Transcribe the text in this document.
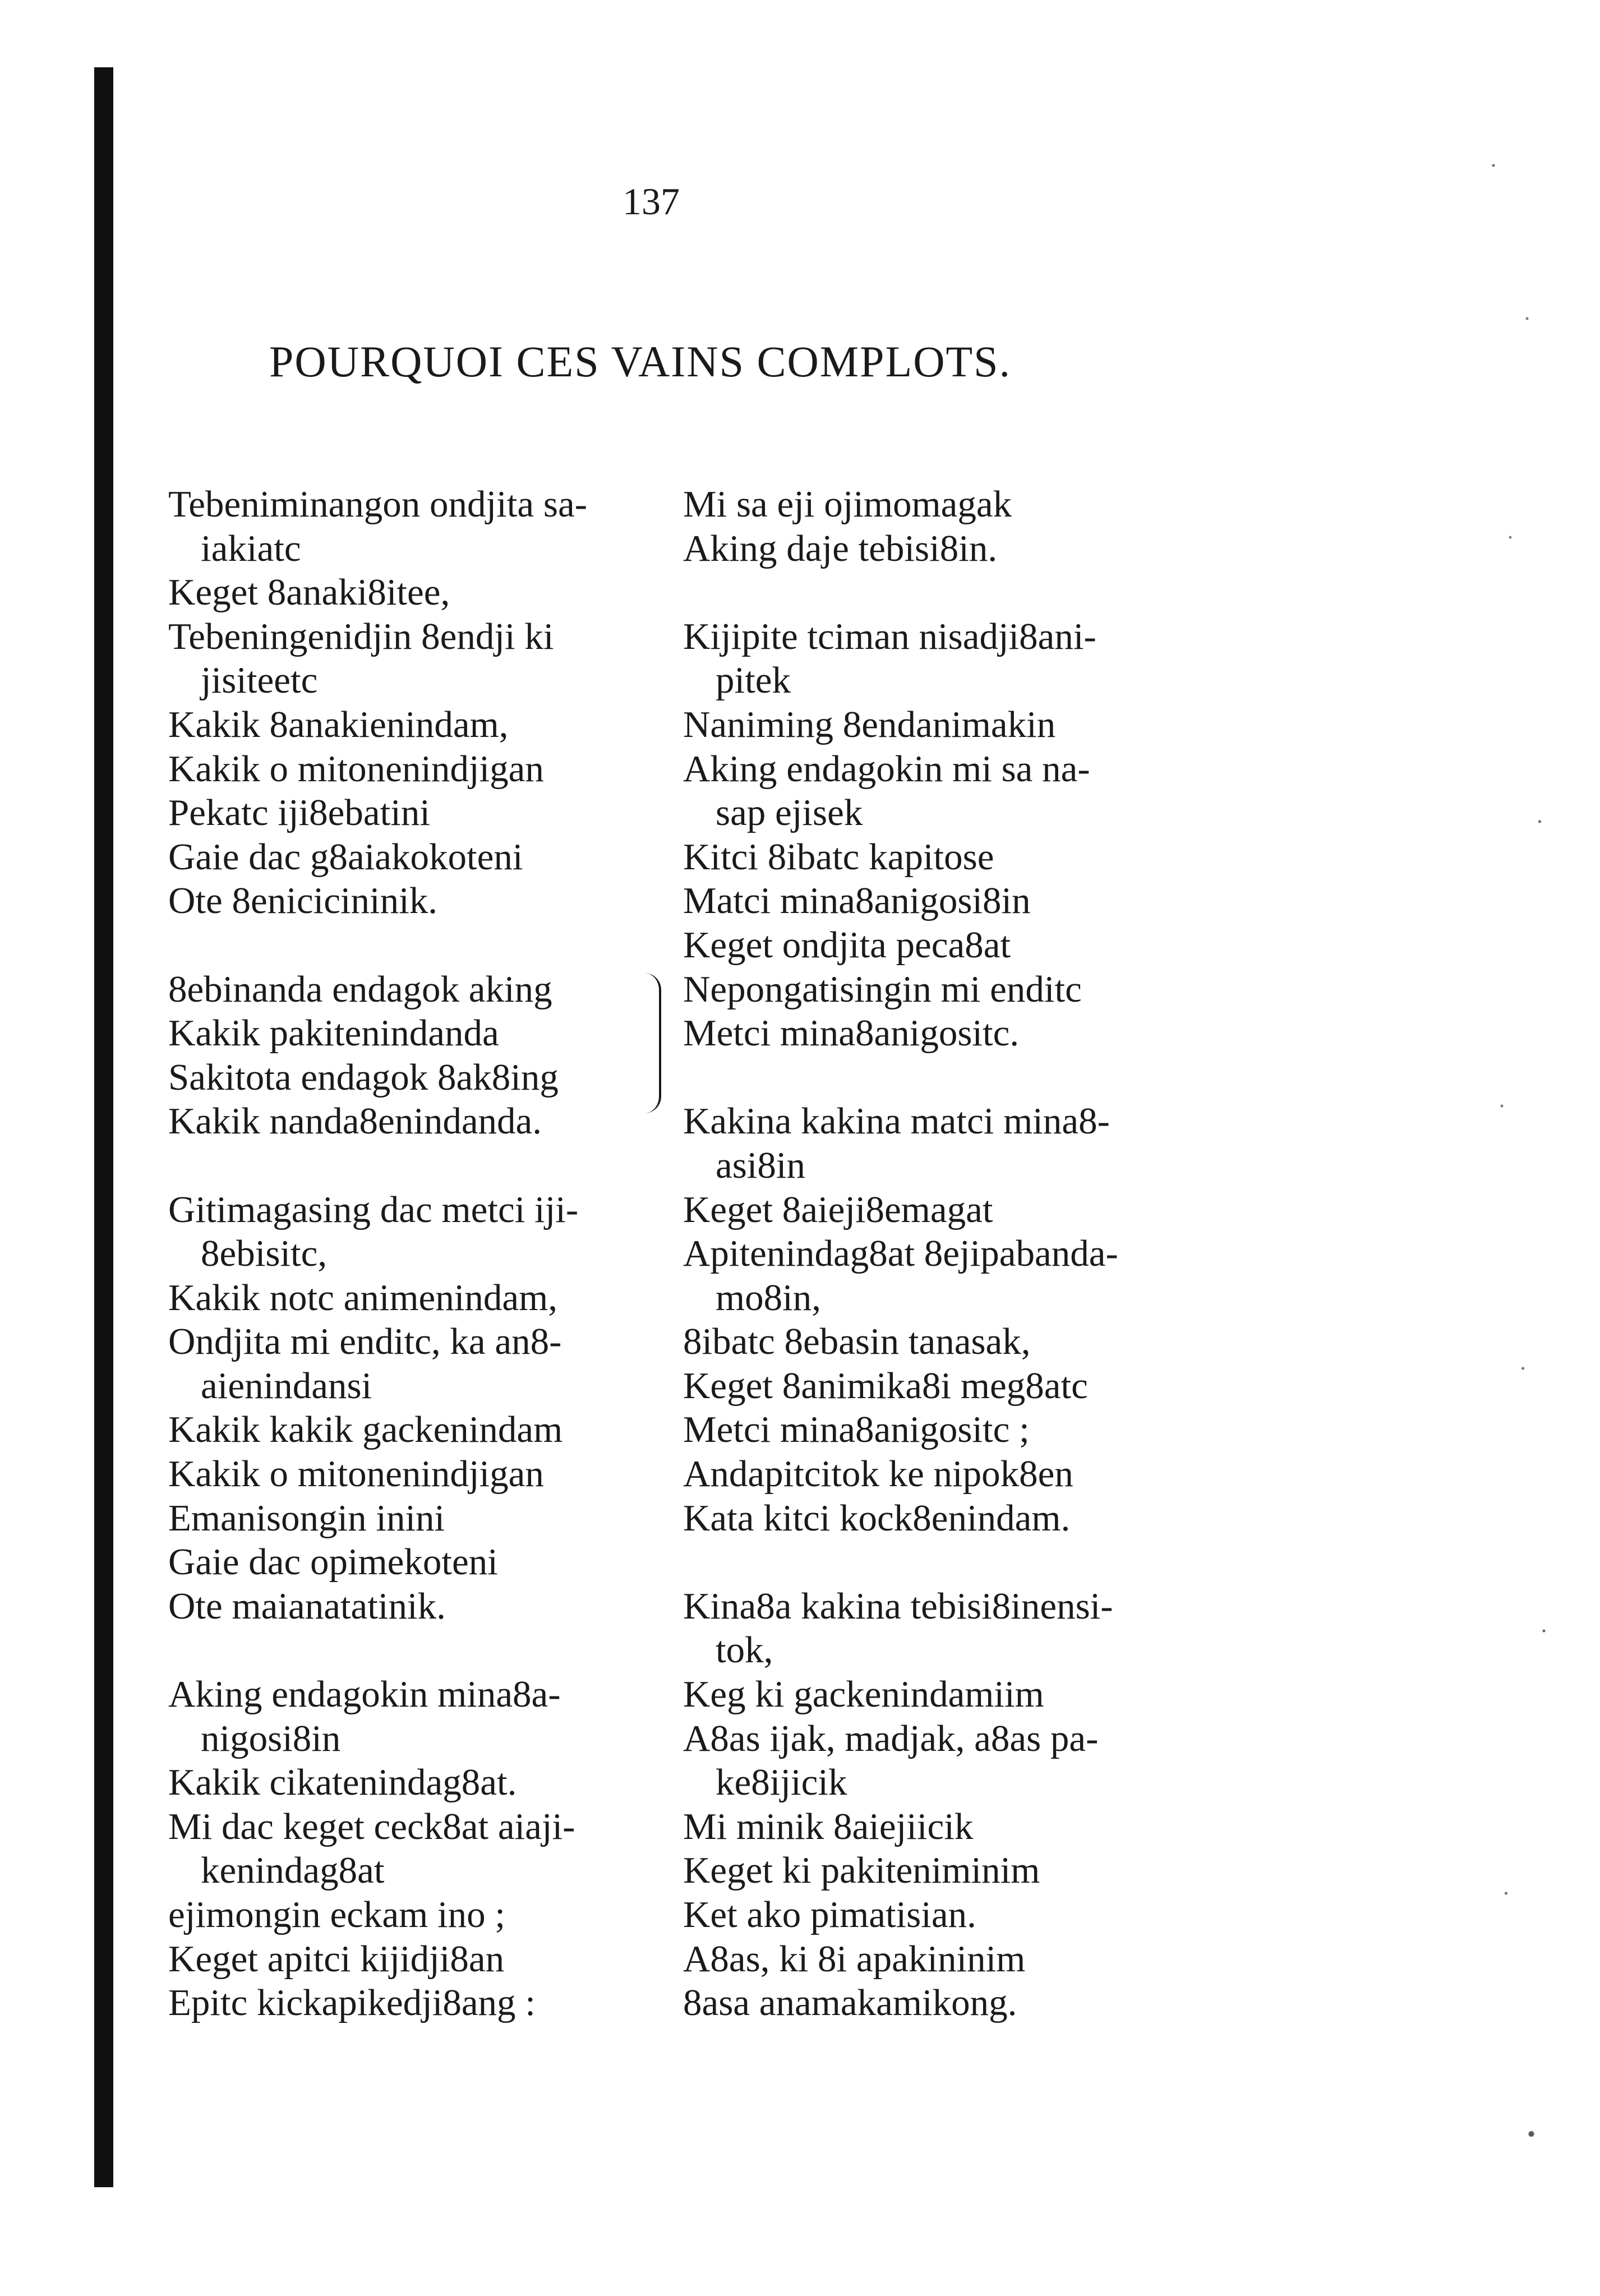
137
POURQUOI CES VAINS COMPLOTS.
Tebeniminangon ondjita sa-
iakiatc
Keget 8anaki8itee,
Tebeningenidjin 8endji ki
jisiteetc
Kakik 8anakienindam,
Kakik o mitonenindjigan
Pekatc iji8ebatini
Gaie dac g8aiakokoteni
Ote 8enicicininik.
8ebinanda endagok aking
Kakik pakitenindanda
Sakitota endagok 8ak8ing
Kakik nanda8enindanda.
Gitimagasing dac metci iji-
8ebisitc,
Kakik notc animenindam,
Ondjita mi enditc, ka an8-
aienindansi
Kakik kakik gackenindam
Kakik o mitonenindjigan
Emanisongin inini
Gaie dac opimekoteni
Ote maianatatinik.
Aking endagokin mina8a-
nigosi8in
Kakik cikatenindag8at.
Mi dac keget ceck8at aiaji-
kenindag8at
ejimongin eckam ino ;
Keget apitci kijidji8an
Epitc kickapikedji8ang :
Mi sa eji ojimomagak
Aking daje tebisi8in.
Kijipite tciman nisadji8ani-
pitek
Naniming 8endanimakin
Aking endagokin mi sa na-
sap ejisek
Kitci 8ibatc kapitose
Matci mina8anigosi8in
Keget ondjita peca8at
Nepongatisingin mi enditc
Metci mina8anigositc.
Kakina kakina matci mina8-
asi8in
Keget 8aieji8emagat
Apitenindag8at 8ejipabanda-
mo8in,
8ibatc 8ebasin tanasak,
Keget 8animika8i meg8atc
Metci mina8anigositc ;
Andapitcitok ke nipok8en
Kata kitci kock8enindam.
Kina8a kakina tebisi8inensi-
tok,
Keg ki gackenindamiim
A8as ijak, madjak, a8as pa-
ke8ijicik
Mi minik 8aiejiicik
Keget ki pakiteniminim
Ket ako pimatisian.
A8as, ki 8i apakininim
8asa anamakamikong.
